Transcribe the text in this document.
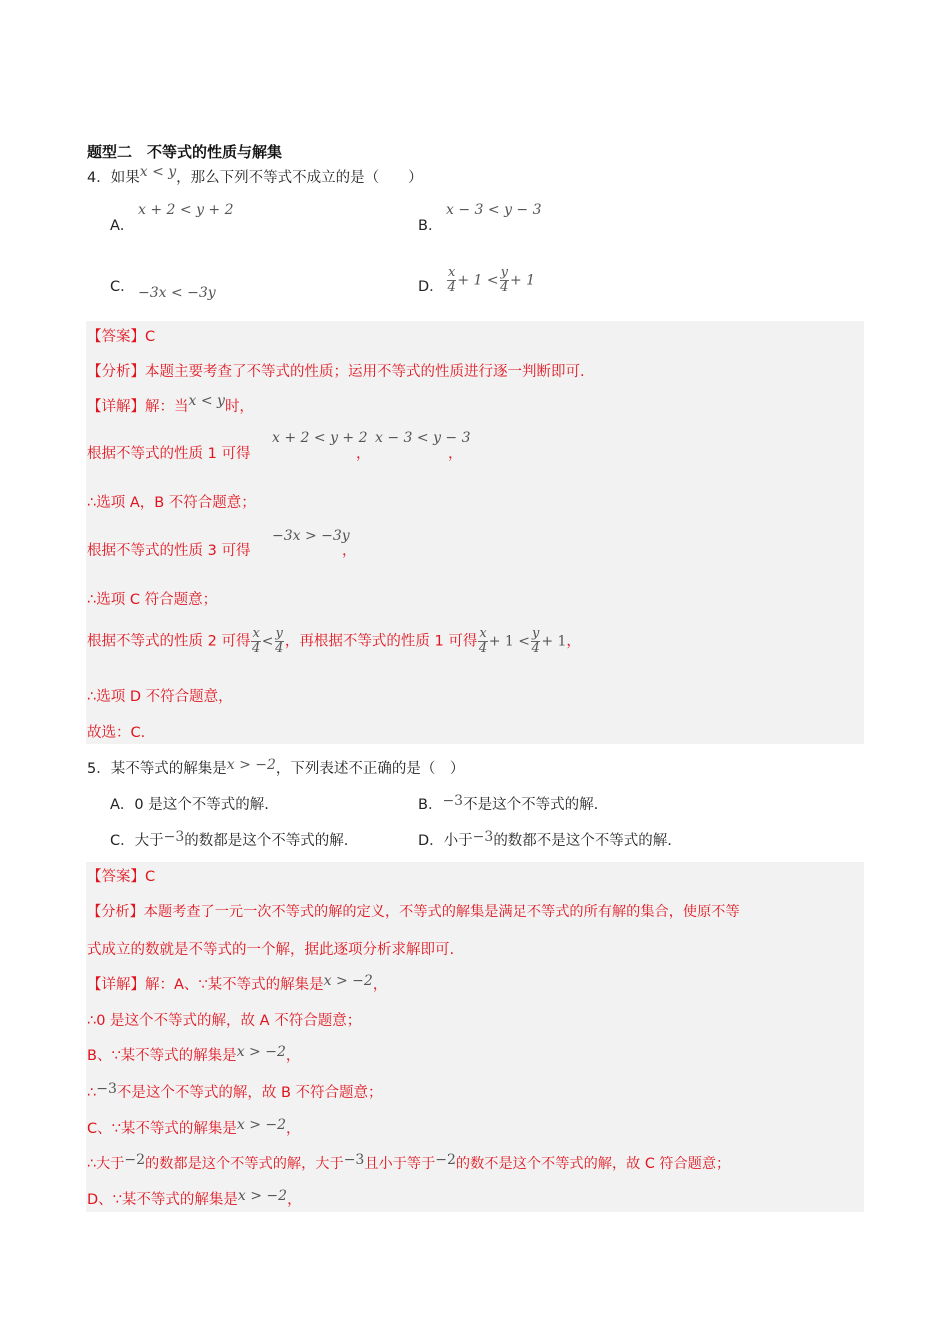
题型二　不等式的性质与解集
4．如果x < y，那么下列不等式不成立的是（　　）
A．
x + 2 < y + 2
B．
x − 3 < y − 3
C． −3x < −3y	D． $\frac{x}{4} + 1 < \frac{y}{4} + 1$
【答案】C
【分析】本题主要考查了不等式的性质；运用不等式的性质进行逐一判断即可.
【详解】解：当x < y时，
根据不等式的性质 1 可得
x + 2 < y + 2
，
x − 3 < y − 3
，
∴选项 A，B 不符合题意；
根据不等式的性质 3 可得
−3x > −3y
，
∴选项 C 符合题意；
根据不等式的性质 2 可得 $\frac{x}{4} < \frac{y}{4}$ ，再根据不等式的性质 1 可得 $\frac{x}{4} + 1 < \frac{y}{4} + 1$，
∴选项 D 不符合题意，
故选：C.
5．某不等式的解集是x > −2，下列表述不正确的是（　）
A．0 是这个不等式的解.	B．−3不是这个不等式的解.
C．大于−3的数都是这个不等式的解.	D．小于−3的数都不是这个不等式的解.
【答案】C
【分析】本题考查了一元一次不等式的解的定义，不等式的解集是满足不等式的所有解的集合，使原不等
式成立的数就是不等式的一个解，据此逐项分析求解即可.
【详解】解：A、∵某不等式的解集是x > −2，
∴0 是这个不等式的解，故 A 不符合题意；
B、∵某不等式的解集是x > −2，
∴−3不是这个不等式的解，故 B 不符合题意；
C、∵某不等式的解集是x > −2，
∴大于−2的数都是这个不等式的解，大于−3且小于等于−2的数不是这个不等式的解，故 C 符合题意；
D、∵某不等式的解集是x > −2，
